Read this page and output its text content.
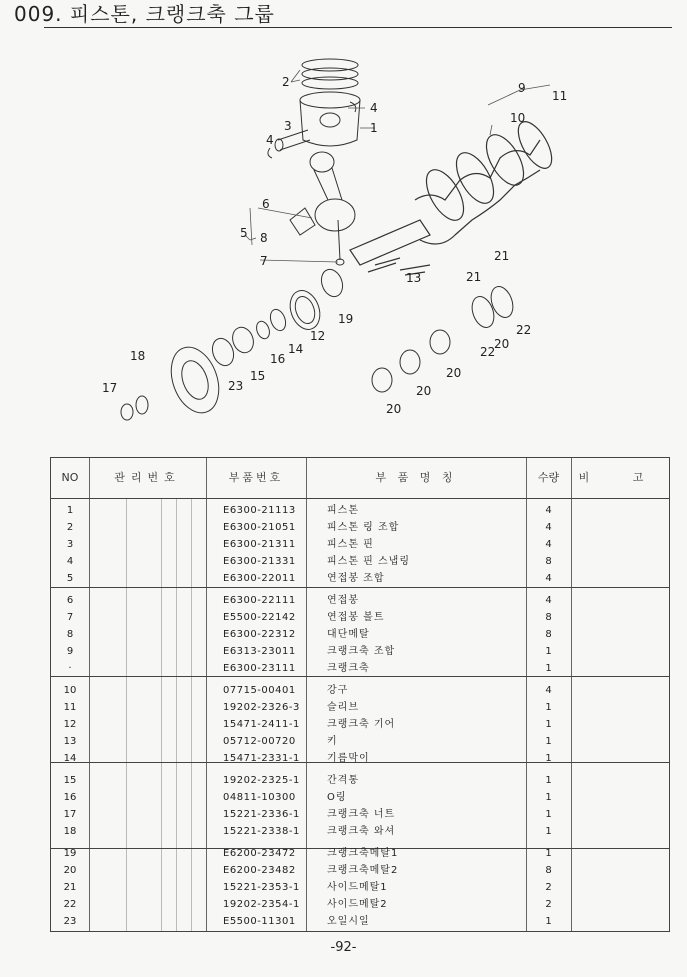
009. 피스톤, 크랭크축 그룹
2
4
1
3
4
6
5 8
7
9
10
11
13
12
19
14
16
15
23
18
17
20
20
20
20
21
21
22
22
NO	관리번호	부품번호	부 품 명 칭	수량	비 고
1	E6300-21113	피스톤	4
2	E6300-21051	피스톤 링 조합	4
3	E6300-21311	피스톤 핀	4
4	E6300-21331	피스톤 핀 스냅링	8
5	E6300-22011	연접봉 조합	4
6	E6300-22111	연접봉	4
7	E5500-22142	연접봉 볼트	8
8	E6300-22312	대단메탈	8
9	E6313-23011	크랭크축 조합	1
·	E6300-23111	크랭크축	1
10	07715-00401	강구	4
11	19202-2326-3	슬리브	1
12	15471-2411-1	크랭크축 기어	1
13	05712-00720	키	1
14	15471-2331-1	기름막이	1
15	19202-2325-1	간격통	1
16	04811-10300	O링	1
17	15221-2336-1	크랭크축 너트	1
18	15221-2338-1	크랭크축 와셔	1
19	E6200-23472	크랭크축메탈1	1
20	E6200-23482	크랭크축메탈2	8
21	15221-2353-1	사이드메탈1	2
22	19202-2354-1	사이드메탈2	2
23	E5500-11301	오일시일	1
-92-
